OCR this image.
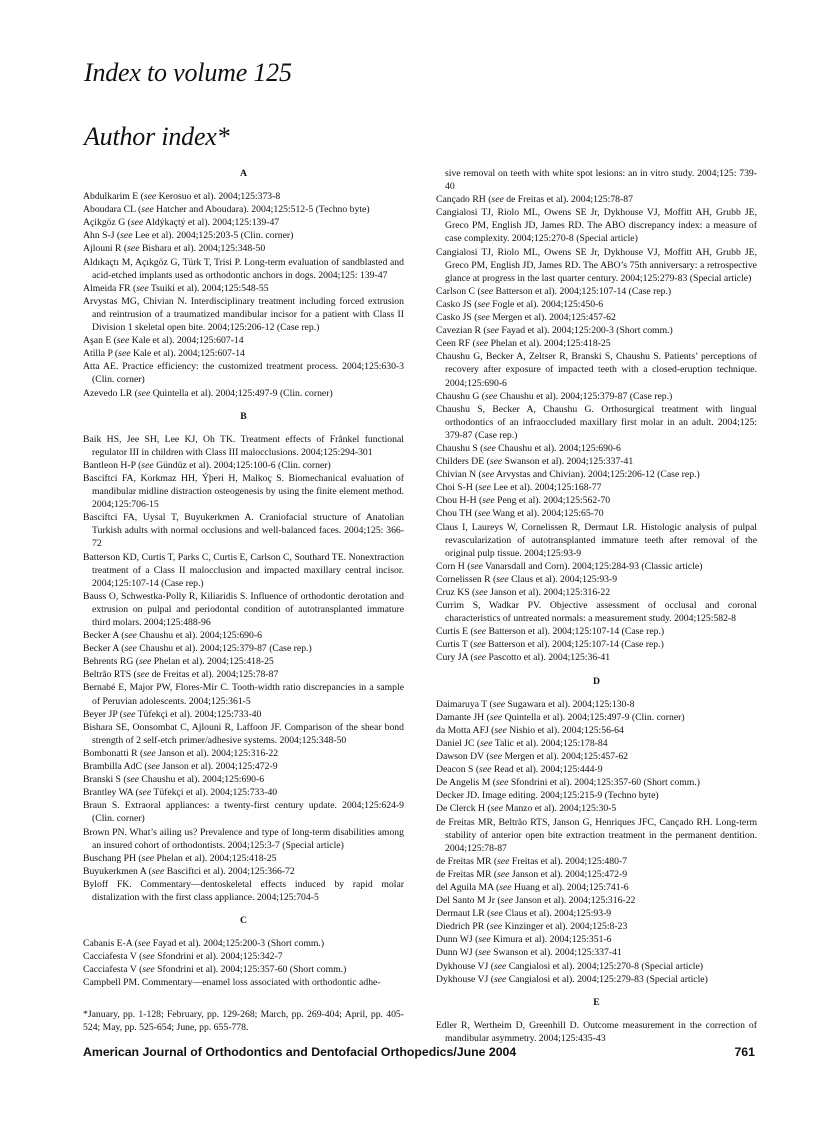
Index to volume 125
Author index*
A
Abdulkarim E (see Kerosuo et al). 2004;125:373-8
Aboudara CL (see Hatcher and Aboudara). 2004;125:512-5 (Techno byte)
Açikgöz G (see Aldýkaçtý et al). 2004;125:139-47
Ahn S-J (see Lee et al). 2004;125:203-5 (Clin. corner)
Ajlouni R (see Bishara et al). 2004;125:348-50
Aldıkaçtı M, Açıkgöz G, Türk T, Trisi P. Long-term evaluation of sandblasted and acid-etched implants used as orthodontic anchors in dogs. 2004;125: 139-47
Almeida FR (see Tsuiki et al). 2004;125:548-55
Arvystas MG, Chivian N. Interdisciplinary treatment including forced extrusion and reintrusion of a traumatized mandibular incisor for a patient with Class II Division 1 skeletal open bite. 2004;125:206-12 (Case rep.)
Aşan E (see Kale et al). 2004;125:607-14
Atilla P (see Kale et al). 2004;125:607-14
Atta AE. Practice efficiency: the customized treatment process. 2004;125:630-3 (Clin. corner)
Azevedo LR (see Quintella et al). 2004;125:497-9 (Clin. corner)
B
Baik HS, Jee SH, Lee KJ, Oh TK. Treatment effects of Frãnkel functional regulator III in children with Class III malocclusions. 2004;125:294-301
Bantleon H-P (see Gündüz et al). 2004;125:100-6 (Clin. corner)
Basciftci FA, Korkmaz HH, Ýþeri H, Malkoç S. Biomechanical evaluation of mandibular midline distraction osteogenesis by using the finite element method. 2004;125:706-15
Basciftci FA, Uysal T, Buyukerkmen A. Craniofacial structure of Anatolian Turkish adults with normal occlusions and well-balanced faces. 2004;125: 366-72
Batterson KD, Curtis T, Parks C, Curtis E, Carlson C, Southard TE. Nonextraction treatment of a Class II malocclusion and impacted maxillary central incisor. 2004;125:107-14 (Case rep.)
Bauss O, Schwestka-Polly R, Kiliaridis S. Influence of orthodontic derotation and extrusion on pulpal and periodontal condition of autotransplanted immature third molars. 2004;125:488-96
Becker A (see Chaushu et al). 2004;125:690-6
Becker A (see Chaushu et al). 2004;125:379-87 (Case rep.)
Behrents RG (see Phelan et al). 2004;125:418-25
Beltrão RTS (see de Freitas et al). 2004;125:78-87
Bernabé E, Major PW, Flores-Mir C. Tooth-width ratio discrepancies in a sample of Peruvian adolescents. 2004;125:361-5
Beyer JP (see Tüfekçi et al). 2004;125:733-40
Bishara SE, Oonsombat C, Ajlouni R, Laffoon JF. Comparison of the shear bond strength of 2 self-etch primer/adhesive systems. 2004;125:348-50
Bombonatti R (see Janson et al). 2004;125:316-22
Brambilla AdC (see Janson et al). 2004;125:472-9
Branski S (see Chaushu et al). 2004;125:690-6
Brantley WA (see Tüfekçi et al). 2004;125:733-40
Braun S. Extraoral appliances: a twenty-first century update. 2004;125:624-9 (Clin. corner)
Brown PN. What’s ailing us? Prevalence and type of long-term disabilities among an insured cohort of orthodontists. 2004;125:3-7 (Special article)
Buschang PH (see Phelan et al). 2004;125:418-25
Buyukerkmen A (see Basciftci et al). 2004;125:366-72
Byloff FK. Commentary—dentoskeletal effects induced by rapid molar distalization with the first class appliance. 2004;125:704-5
C
Cabanis E-A (see Fayad et al). 2004;125:200-3 (Short comm.)
Cacciafesta V (see Sfondrini et al). 2004;125:342-7
Cacciafesta V (see Sfondrini et al). 2004;125:357-60 (Short comm.)
Campbell PM. Commentary—enamel loss associated with orthodontic adhe-
sive removal on teeth with white spot lesions: an in vitro study. 2004;125: 739-40
Cançado RH (see de Freitas et al). 2004;125:78-87
Cangialosi TJ, Riolo ML, Owens SE Jr, Dykhouse VJ, Moffitt AH, Grubb JE, Greco PM, English JD, James RD. The ABO discrepancy index: a measure of case complexity. 2004;125:270-8 (Special article)
Cangialosi TJ, Riolo ML, Owens SE Jr, Dykhouse VJ, Moffitt AH, Grubb JE, Greco PM, English JD, James RD. The ABO’s 75th anniversary: a retrospective glance at progress in the last quarter century. 2004;125:279-83 (Special article)
Carlson C (see Batterson et al). 2004;125:107-14 (Case rep.)
Casko JS (see Fogle et al). 2004;125:450-6
Casko JS (see Mergen et al). 2004;125:457-62
Cavezian R (see Fayad et al). 2004;125:200-3 (Short comm.)
Ceen RF (see Phelan et al). 2004;125:418-25
Chaushu G, Becker A, Zeltser R, Branski S, Chaushu S. Patients’ perceptions of recovery after exposure of impacted teeth with a closed-eruption technique. 2004;125:690-6
Chaushu G (see Chaushu et al). 2004;125:379-87 (Case rep.)
Chaushu S, Becker A, Chaushu G. Orthosurgical treatment with lingual orthodontics of an infraoccluded maxillary first molar in an adult. 2004;125: 379-87 (Case rep.)
Chaushu S (see Chaushu et al). 2004;125:690-6
Childers DE (see Swanson et al). 2004;125:337-41
Chivian N (see Arvystas and Chivian). 2004;125:206-12 (Case rep.)
Choi S-H (see Lee et al). 2004;125:168-77
Chou H-H (see Peng et al). 2004;125:562-70
Chou TH (see Wang et al). 2004;125:65-70
Claus I, Laureys W, Cornelissen R, Dermaut LR. Histologic analysis of pulpal revascularization of autotransplanted immature teeth after removal of the original pulp tissue. 2004;125:93-9
Corn H (see Vanarsdall and Corn). 2004;125:284-93 (Classic article)
Cornelissen R (see Claus et al). 2004;125:93-9
Cruz KS (see Janson et al). 2004;125:316-22
Currim S, Wadkar PV. Objective assessment of occlusal and coronal characteristics of untreated normals: a measurement study. 2004;125:582-8
Curtis E (see Batterson et al). 2004;125:107-14 (Case rep.)
Curtis T (see Batterson et al). 2004;125:107-14 (Case rep.)
Cury JA (see Pascotto et al). 2004;125:36-41
D
Daimaruya T (see Sugawara et al). 2004;125:130-8
Damante JH (see Quintella et al). 2004;125:497-9 (Clin. corner)
da Motta AFJ (see Nishio et al). 2004;125:56-64
Daniel JC (see Talic et al). 2004;125:178-84
Dawson DV (see Mergen et al). 2004;125:457-62
Deacon S (see Read et al). 2004;125:444-9
De Angelis M (see Sfondrini et al). 2004;125:357-60 (Short comm.)
Decker JD. Image editing. 2004;125:215-9 (Techno byte)
De Clerck H (see Manzo et al). 2004;125:30-5
de Freitas MR, Beltrão RTS, Janson G, Henriques JFC, Cançado RH. Long-term stability of anterior open bite extraction treatment in the permanent dentition. 2004;125:78-87
de Freitas MR (see Freitas et al). 2004;125:480-7
de Freitas MR (see Janson et al). 2004;125:472-9
del Aguila MA (see Huang et al). 2004;125:741-6
Del Santo M Jr (see Janson et al). 2004;125:316-22
Dermaut LR (see Claus et al). 2004;125:93-9
Diedrich PR (see Kinzinger et al). 2004;125:8-23
Dunn WJ (see Kimura et al). 2004;125:351-6
Dunn WJ (see Swanson et al). 2004;125:337-41
Dykhouse VJ (see Cangialosi et al). 2004;125:270-8 (Special article)
Dykhouse VJ (see Cangialosi et al). 2004;125:279-83 (Special article)
E
Edler R, Wertheim D, Greenhill D. Outcome measurement in the correction of mandibular asymmetry. 2004;125:435-43
*January, pp. 1-128; February, pp. 129-268; March, pp. 269-404; April, pp. 405-524; May, pp. 525-654; June, pp. 655-778.
American Journal of Orthodontics and Dentofacial Orthopedics/June 2004	761
